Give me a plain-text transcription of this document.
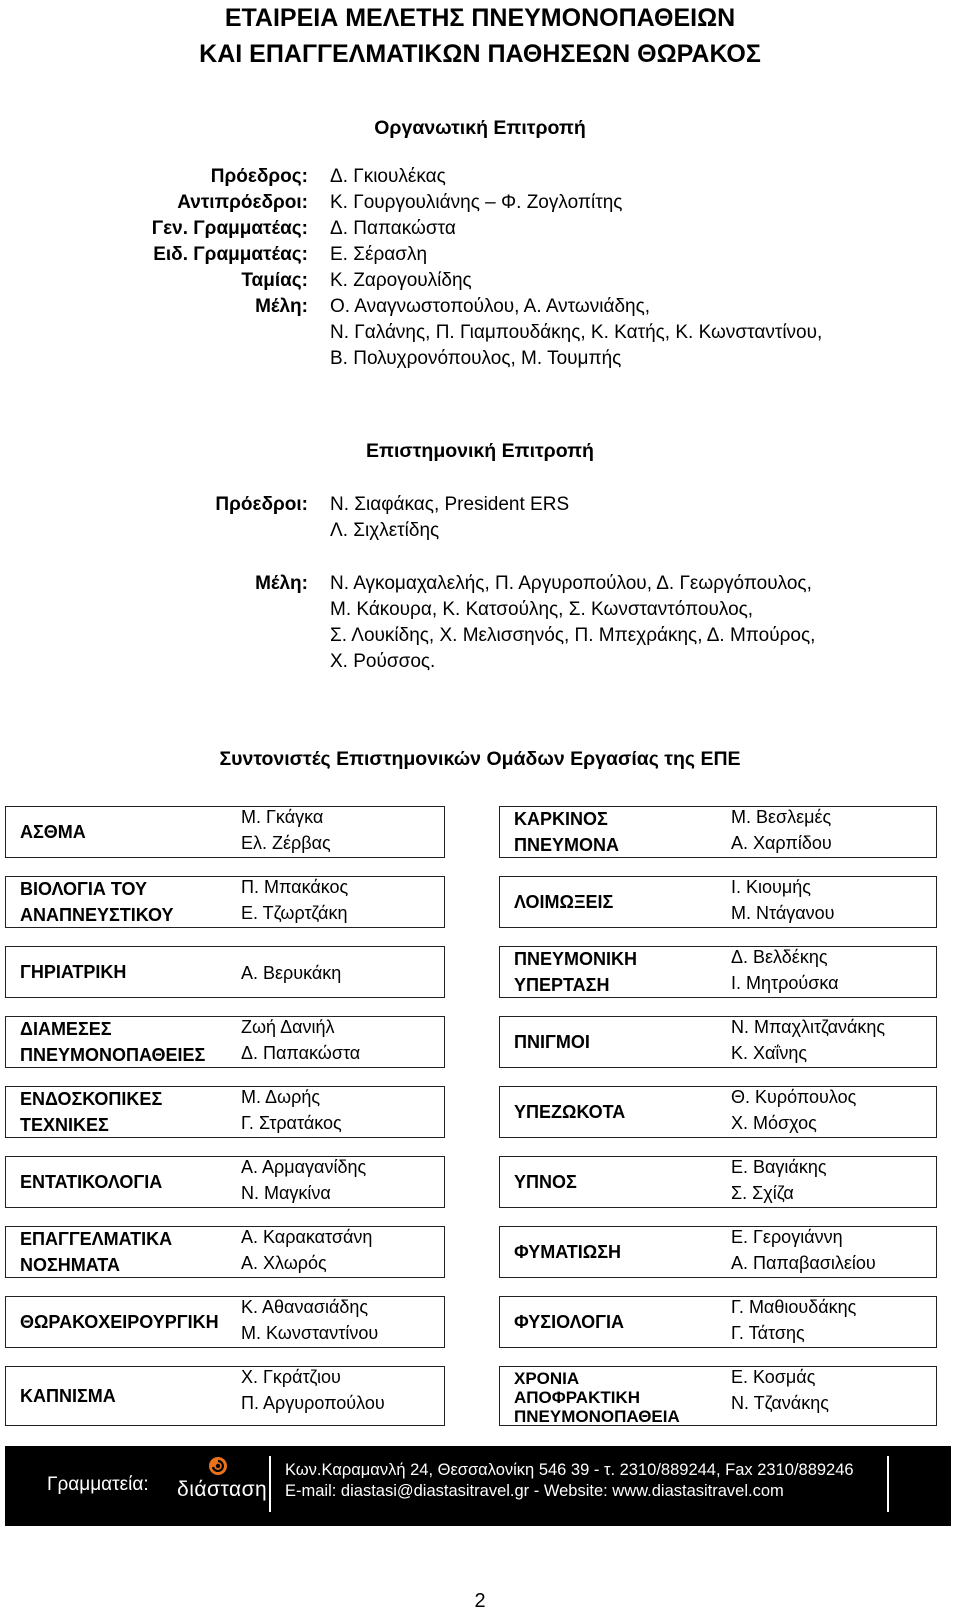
ΕΤΑΙΡΕΙΑ ΜΕΛΕΤΗΣ ΠΝΕΥΜΟΝΟΠΑΘΕΙΩΝ
ΚΑΙ ΕΠΑΓΓΕΛΜΑΤΙΚΩΝ ΠΑΘΗΣΕΩΝ ΘΩΡΑΚΟΣ
Οργανωτική Επιτροπή
Πρόεδρος: Δ. Γκιουλέκας
Αντιπρόεδροι: Κ. Γουργουλιάνης – Φ. Ζογλοπίτης
Γεν. Γραμματέας: Δ. Παπακώστα
Ειδ. Γραμματέας: Ε. Σέρασλη
Ταμίας: Κ. Ζαρογουλίδης
Μέλη: Ο. Αναγνωστοπούλου, Α. Αντωνιάδης,
Ν. Γαλάνης, Π. Γιαμπουδάκης, Κ. Κατής, Κ. Κωνσταντίνου,
Β. Πολυχρονόπουλος, Μ. Τουμπής
Επιστημονική Επιτροπή
Πρόεδροι: Ν. Σιαφάκας, President ERS
Λ. Σιχλετίδης
Μέλη: Ν. Αγκομαχαλελής, Π. Αργυροπούλου, Δ. Γεωργόπουλος,
Μ. Κάκουρα, Κ. Κατσούλης, Σ. Κωνσταντόπουλος,
Σ. Λουκίδης, Χ. Μελισσηνός, Π. Μπεχράκης, Δ. Μπούρος,
Χ. Ρούσσος.
Συντονιστές Επιστημονικών Ομάδων Εργασίας της ΕΠΕ
ΑΣΘΜΑ
Μ. Γκάγκα
Ελ. Ζέρβας
ΒΙΟΛΟΓΙΑ ΤΟΥ
ΑΝΑΠΝΕΥΣΤΙΚΟΥ
Π. Μπακάκος
Ε. Τζωρτζάκη
ΓΗΡΙΑΤΡΙΚΗ	Α. Βερυκάκη
ΔΙΑΜΕΣΕΣ
ΠΝΕΥΜΟΝΟΠΑΘΕΙΕΣ
Ζωή Δανιήλ
Δ. Παπακώστα
ΕΝΔΟΣΚΟΠΙΚΕΣ
ΤΕΧΝΙΚΕΣ
Μ. Δωρής
Γ. Στρατάκος
ΕΝΤΑΤΙΚΟΛΟΓΙΑ
Α. Αρμαγανίδης
Ν. Μαγκίνα
ΕΠΑΓΓΕΛΜΑΤΙΚΑ
ΝΟΣΗΜΑΤΑ
Α. Καρακατσάνη
Α. Χλωρός
ΘΩΡΑΚΟΧΕΙΡΟΥΡΓΙΚΗ
Κ. Αθανασιάδης
Μ. Κωνσταντίνου
ΚΑΠΝΙΣΜΑ
Χ. Γκράτζιου
Π. Αργυροπούλου
ΚΑΡΚΙΝΟΣ
ΠΝΕΥΜΟΝΑ
Μ. Βεσλεμές
Α. Χαρπίδου
ΛΟΙΜΩΞΕΙΣ
Ι. Κιουμής
Μ. Ντάγανου
ΠΝΕΥΜΟΝΙΚΗ
ΥΠΕΡΤΑΣΗ
Δ. Βελδέκης
Ι. Μητρούσκα
ΠΝΙΓΜΟΙ
Ν. Μπαχλιτζανάκης
Κ. Χαΐνης
ΥΠΕΖΩΚΟΤΑ
Θ. Κυρόπουλος
Χ. Μόσχος
ΥΠΝΟΣ
Ε. Βαγιάκης
Σ. Σχίζα
ΦΥΜΑΤΙΩΣΗ
Ε. Γερογιάννη
Α. Παπαβασιλείου
ΦΥΣΙΟΛΟΓΙΑ
Γ. Μαθιουδάκης
Γ. Τάτσης
ΧΡΟΝΙΑ
ΑΠΟΦΡΑΚΤΙΚΗ
ΠΝΕΥΜΟΝΟΠΑΘΕΙΑ
Ε. Κοσμάς
Ν. Τζανάκης
Γραμματεία: διάσταση
Κων.Καραμανλή 24, Θεσσαλονίκη 546 39 - τ. 2310/889244, Fax 2310/889246
E-mail: diastasi@diastasitravel.gr - Website: www.diastasitravel.com
2
